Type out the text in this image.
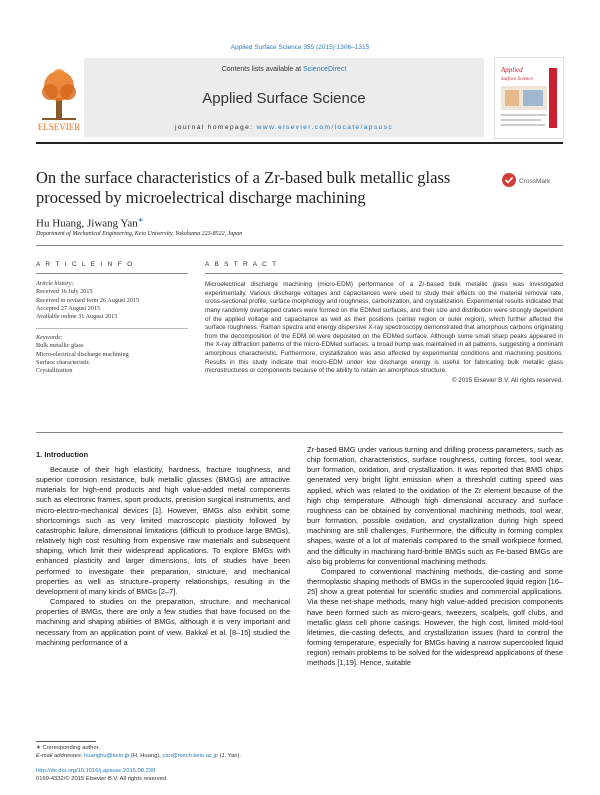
Applied Surface Science 355 (2015) 1306–1315
ELSEVIER
Contents lists available at ScienceDirect
Applied Surface Science
journal homepage: www.elsevier.com/locate/apsusc
Applied
Surface Science
On the surface characteristics of a Zr-based bulk metallic glass processed by microelectrical discharge machining
CrossMark
Hu Huang, Jiwang Yan∗
Department of Mechanical Engineering, Keio University, Yokohama 223-8522, Japan
A R T I C L E I N F O	A B S T R A C T
Article history:
Received 16 July 2015
Received in revised form 26 August 2015
Accepted 27 August 2015
Available online 31 August 2015
Keywords:
Bulk metallic glass
Micro-electrical discharge machining
Surface characteristic
Crystallization

Microelectrical discharge machining (micro-EDM) performance of a Zr-based bulk metallic glass was investigated experimentally. Various discharge voltages and capacitances were used to study their effects on the material removal rate, cross-sectional profile, surface morphology and roughness, carbonization, and crystallization. Experimental results indicated that many randomly overlapped craters were formed on the EDMed surfaces, and their size and distribution were strongly dependent of the applied voltage and capacitance as well as their positions (center region or outer region), which further affected the surface roughness. Raman spectra and energy dispersive X-ray spectroscopy demonstrated that amorphous carbons originating from the decomposition of the EDM oil were deposited on the EDMed surface. Although some small sharp peaks appeared in the X-ray diffraction patterns of the micro-EDMed surfaces, a broad hump was maintained in all patterns, suggesting a dominant amorphous characteristic. Furthermore, crystallization was also affected by experimental conditions and machining positions. Results in this study indicate that micro-EDM under low discharge energy is useful for fabricating bulk metallic glass microstructures or components because of the ability to retain an amorphous structure.

© 2015 Elsevier B.V. All rights reserved.

1. Introduction

Because of their high elasticity, hardness, fracture toughness, and superior corrosion resistance, bulk metallic glasses (BMGs) are attractive materials for high-end products and high value-added metal components such as electronic frames, sport products, precision surgical instruments, and micro-electro-mechanical devices [1]. However, BMGs also exhibit some shortcomings such as very limited macroscopic plasticity followed by catastrophic failure, dimensional limitations (difficult to produce large BMGs), relatively high cost resulting from expensive raw materials and subsequent shaping, which limit their widespread applications. To explore BMGs with enhanced plasticity and larger dimensions, lots of studies have been performed to investigate their preparation, structure, and mechanical properties as well as structure–property relationships, resulting in the development of many kinds of BMGs [2–7].

Compared to studies on the preparation, structure, and mechanical properties of BMGs, there are only a few studies that have focused on the machining and shaping abilities of BMGs, although it is very important and necessary from an application point of view. Bakkal et al. [8–15] studied the machining performance of a

Zr-based BMG under various turning and drilling process parameters, such as chip formation, characteristics, surface roughness, cutting forces, tool wear, burr formation, oxidation, and crystallization. It was reported that BMG chips generated very bright light emission when a threshold cutting speed was applied, which was related to the oxidation of the Zr element because of the high chip temperature. Although high dimensional accuracy and surface roughness can be obtained by conventional machining methods, tool wear, burr formation, possible oxidation, and crystallization during high speed machining are still challenges. Furthermore, the difficulty in forming complex shapes, waste of a lot of materials compared to the small workpiece formed, and the difficulty in machining hard-brittle BMGs such as Fe-based BMGs are also big problems for conventional machining methods.

Compared to conventional machining methods, die-casting and some thermoplastic shaping methods of BMGs in the supercooled liquid region [16–25] show a great potential for scientific studies and commercial applications. Via these net-shape methods, many high value-added precision components have been formed such as micro-gears, tweezers, scalpels, golf clubs, and metallic glass cell phone casings. However, the high cost, limited mold-tool lifetimes, die-casting defects, and crystallization issues (hard to control the forming temperature, especially for BMGs having a narrow supercooled liquid region) remain problems to be solved for the widespread applications of these methods [1,19]. Hence, suitable

∗ Corresponding author.
E-mail addresses: huanghu@keio.jp (H. Huang), yan@mech.keio.ac.jp (J. Yan).
http://dx.doi.org/10.1016/j.apsusc.2015.08.239
0169-4332/© 2015 Elsevier B.V. All rights reserved.
